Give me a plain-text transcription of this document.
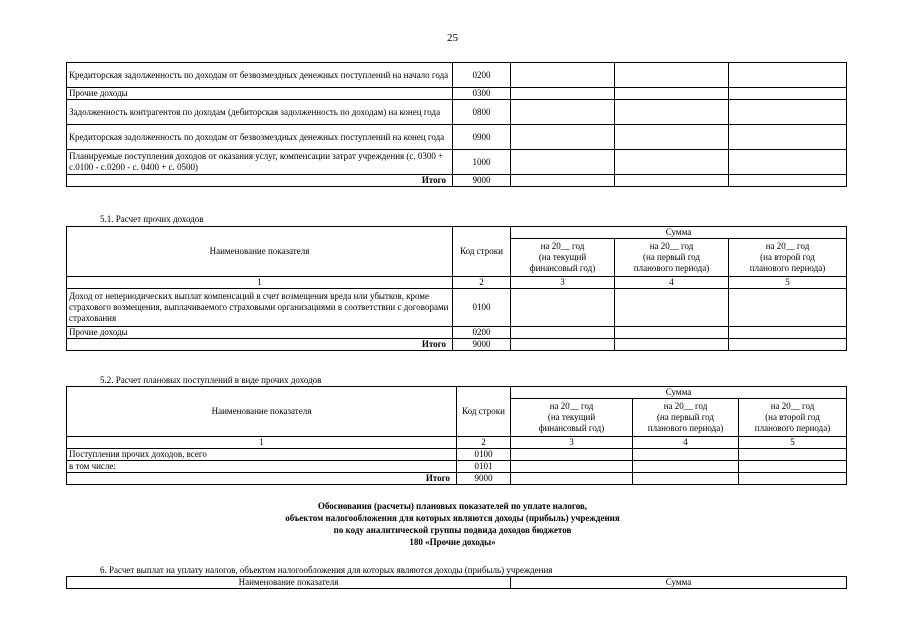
25
Кредиторская задолженность по доходам от безвозмездных денежных поступлений на начало года	0200			
Прочие доходы	0300			
Задолженность контрагентов по доходам (дебиторская задолженность по доходам) на конец года	0800			
Кредиторская задолженность по доходам от безвозмездных денежных поступлений на конец года	0900			
Планируемые поступления доходов от оказания услуг, компенсации затрат учреждения (с. 0300 + с.0100 - с.0200 - с. 0400 + с. 0500)	1000			
Итого	9000			
5.1. Расчет прочих доходов
Наименование показателя	Код строки	Сумма		
		на 20__ год
(на текущий
финансовый год)	на 20__ год
(на первый год
планового периода)	на 20__ год
(на второй год
планового периода)
1	2	3	4	5
Доход от непериодических выплат компенсаций в счет возмещения вреда или убытков, кроме страхового возмещения, выплачиваемого страховыми организациями в соответствии с договорами страхования	0100			
Прочие доходы	0200			
Итого	9000			
5.2. Расчет плановых поступлений в виде прочих доходов
Наименование показателя	Код строки	Сумма		
		на 20__ год
(на текущий
финансовый год)	на 20__ год
(на первый год
планового периода)	на 20__ год
(на второй год
планового периода)
1	2	3	4	5
Поступления прочих доходов, всего	0100			
в том числе:	0101			
Итого	9000			
Обоснования (расчеты) плановых показателей по уплате налогов,
объектом налогообложения для которых являются доходы (прибыль) учреждения
по коду аналитической группы подвида доходов бюджетов
180 «Прочие доходы»
6. Расчет выплат на уплату налогов, объектом налогообложения для которых являются доходы (прибыль) учреждения
Наименование показателя	Сумма
